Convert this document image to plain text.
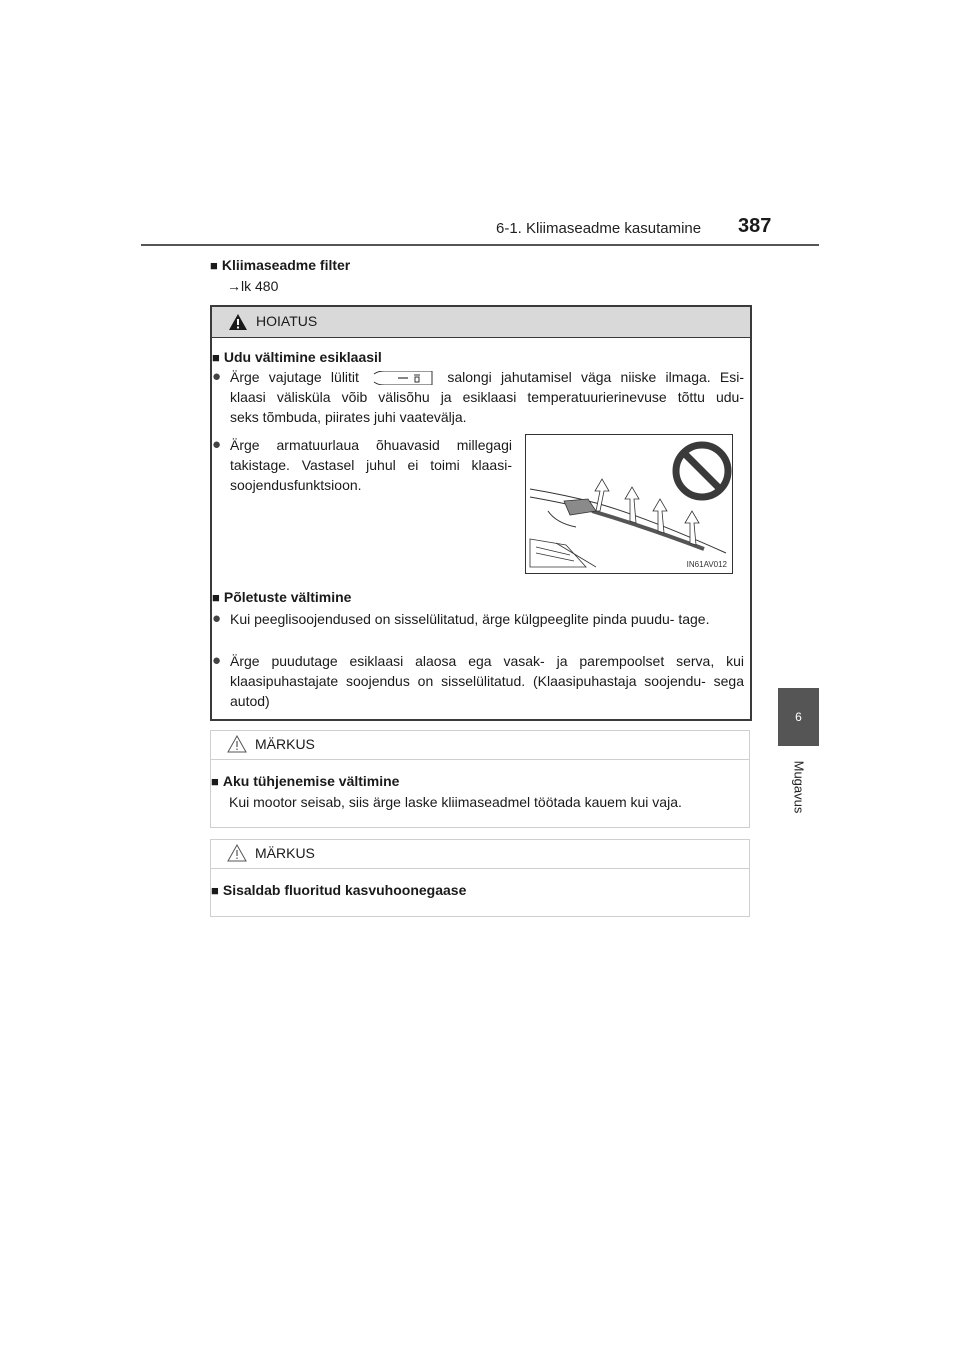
6-1. Kliimaseadme kasutamine 387
6
Mugavus
■ Kliimaseadme filter
→lk 480
HOIATUS
■ Udu vältimine esiklaasil
● Ärge vajutage lülitit	salongi jahutamisel väga niiske ilmaga. Esi-
klaasi välisküla võib välisõhu ja esiklaasi temperatuurierinevuse tõttu udu-
seks tõmbuda, piirates juhi vaatevälja.
● Ärge armatuurlaua õhuavasid millegagi takistage. Vastasel juhul ei toimi klaasi- soojendusfunktsioon.
■ Põletuste vältimine
● Kui peeglisoojendused on sisselülitatud, ärge külgpeeglite pinda puudu- tage.
● Ärge puudutage esiklaasi alaosa ega vasak- ja parempoolset serva, kui klaasipuhastajate soojendus on sisselülitatud. (Klaasipuhastaja soojendu- sega autod)
IN61AV012
MÄRKUS
■ Aku tühjenemise vältimine
Kui mootor seisab, siis ärge laske kliimaseadmel töötada kauem kui vaja.
MÄRKUS
■ Sisaldab fluoritud kasvuhoonegaase
